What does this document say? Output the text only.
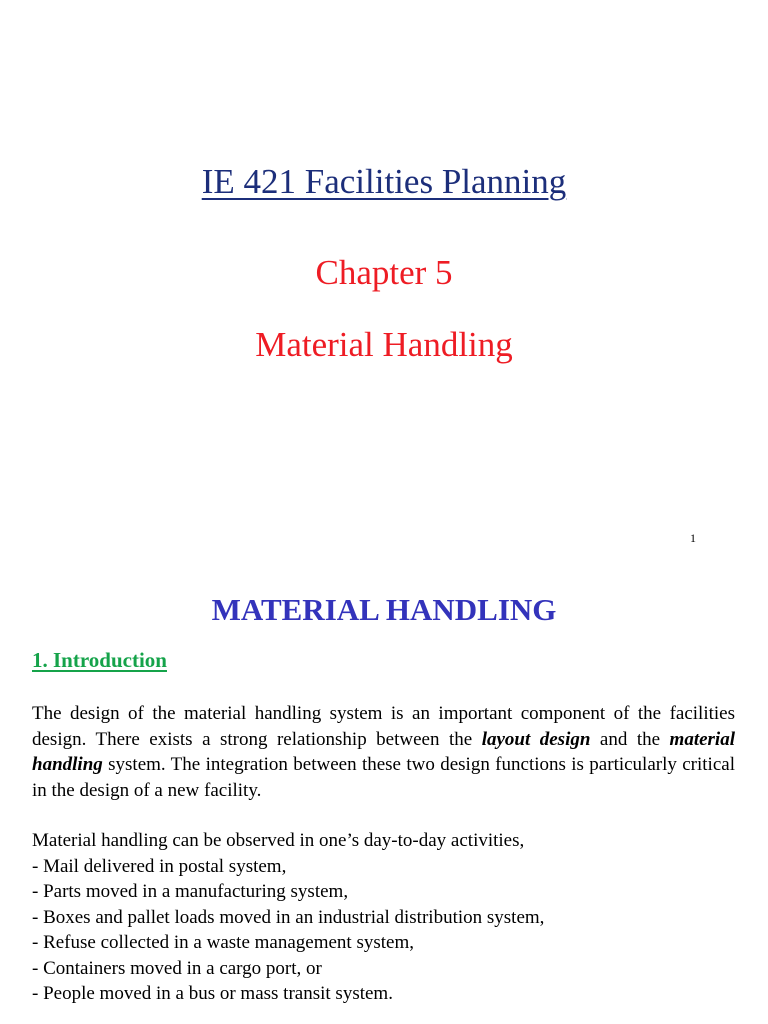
IE 421 Facilities Planning
Chapter 5
Material Handling
1
MATERIAL HANDLING
1. Introduction
The design of the material handling system is an important component of the facilities design. There exists a strong relationship between the layout design and the material handling system. The integration between these two design functions is particularly critical in the design of a new facility.
Material handling can be observed in one’s day-to-day activities,
- Mail delivered in postal system,
- Parts moved in a manufacturing system,
- Boxes and pallet loads moved in an industrial distribution system,
- Refuse collected in a waste management system,
- Containers moved in a cargo port, or
- People moved in a bus or mass transit system.
